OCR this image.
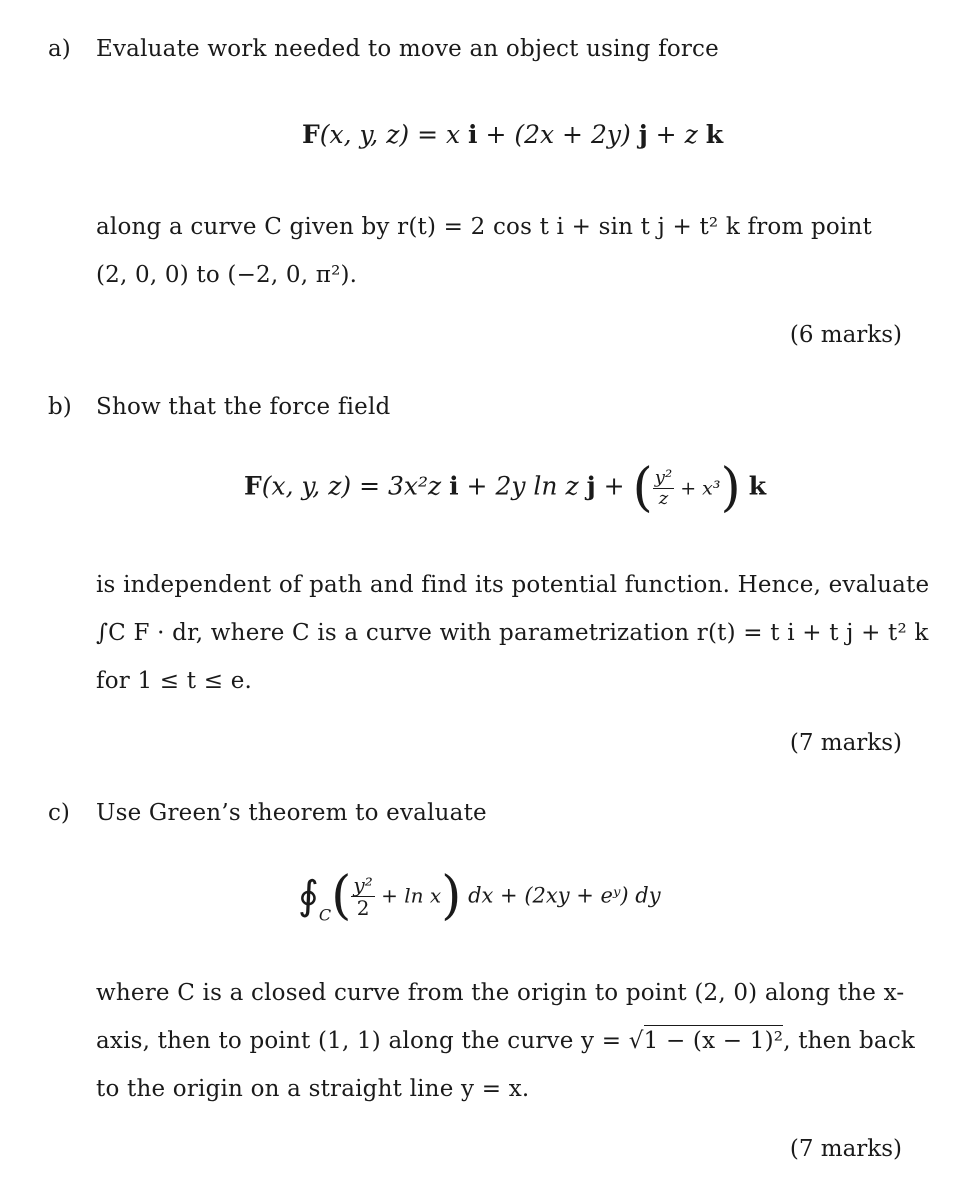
a) Evaluate work needed to move an object using force
F(x, y, z) = x i + (2x + 2y) j + z k
along a curve C given by r(t) = 2 cos t i + sin t j + t² k from point
(2, 0, 0) to (−2, 0, π²).
(6 marks)
b) Show that the force field
F(x, y, z) = 3x²z i + 2y ln z j + ( $\frac{\text{y²}}{z} + x^3$) k
is independent of path and find its potential function. Hence, evaluate
∫C F · dr, where C is a curve with parametrization r(t) = t i + t j + t² k
for 1 ≤ t ≤ e.
(7 marks)
c) Use Green’s theorem to evaluate
$∮_C( \frac{\text{y²}}{2} + \ln x)$ dx + (2xy + eʸ) dy
where C is a closed curve from the origin to point (2, 0) along the x-
axis, then to point (1, 1) along the curve y = √1 − (x − 1)², then back
to the origin on a straight line y = x.
(7 marks)
